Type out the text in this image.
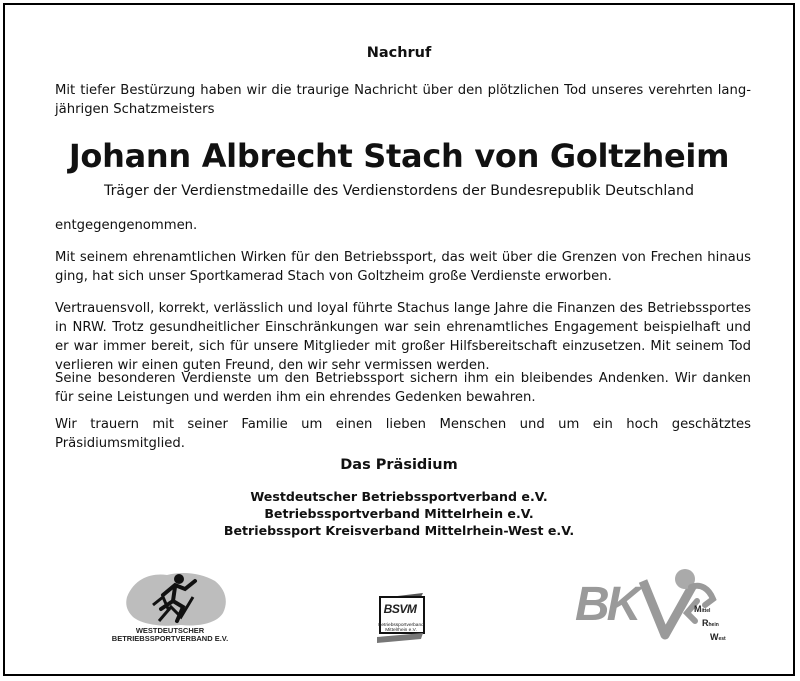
Nachruf

Mit tiefer Bestürzung haben wir die traurige Nachricht über den plötzlichen Tod unseres verehrten lang-jährigen Schatzmeisters

Johann Albrecht Stach von Goltzheim
Träger der Verdienstmedaille des Verdienstordens der Bundesrepublik Deutschland

entgegengenommen.

Mit seinem ehrenamtlichen Wirken für den Betriebssport, das weit über die Grenzen von Frechen hinaus ging, hat sich unser Sportkamerad Stach von Goltzheim große Verdienste erworben.

Vertrauensvoll, korrekt, verlässlich und loyal führte Stachus lange Jahre die Finanzen des Betriebssportes in NRW. Trotz gesundheitlicher Einschränkungen war sein ehrenamtliches Engagement beispielhaft und er war immer bereit, sich für unsere Mitglieder mit großer Hilfsbereitschaft einzusetzen. Mit seinem Tod verlieren wir einen guten Freund, den wir sehr vermissen werden.

Seine besonderen Verdienste um den Betriebssport sichern ihm ein bleibendes Andenken. Wir danken für seine Leistungen und werden ihm ein ehrendes Gedenken bewahren.

Wir trauern mit seiner Familie um einen lieben Menschen und um ein hoch geschätztes Präsidiumsmitglied.

Das Präsidium
Westdeutscher Betriebssportverband e.V.
Betriebssportverband Mittelrhein e.V.
Betriebssport Kreisverband Mittelrhein-West e.V.
WESTDEUTSCHER
BETRIEBSSPORTVERBAND E.V.
BSVM
Betriebssportverband
Mittelrhein e.V.	BK	Mittel
Rhein
West
